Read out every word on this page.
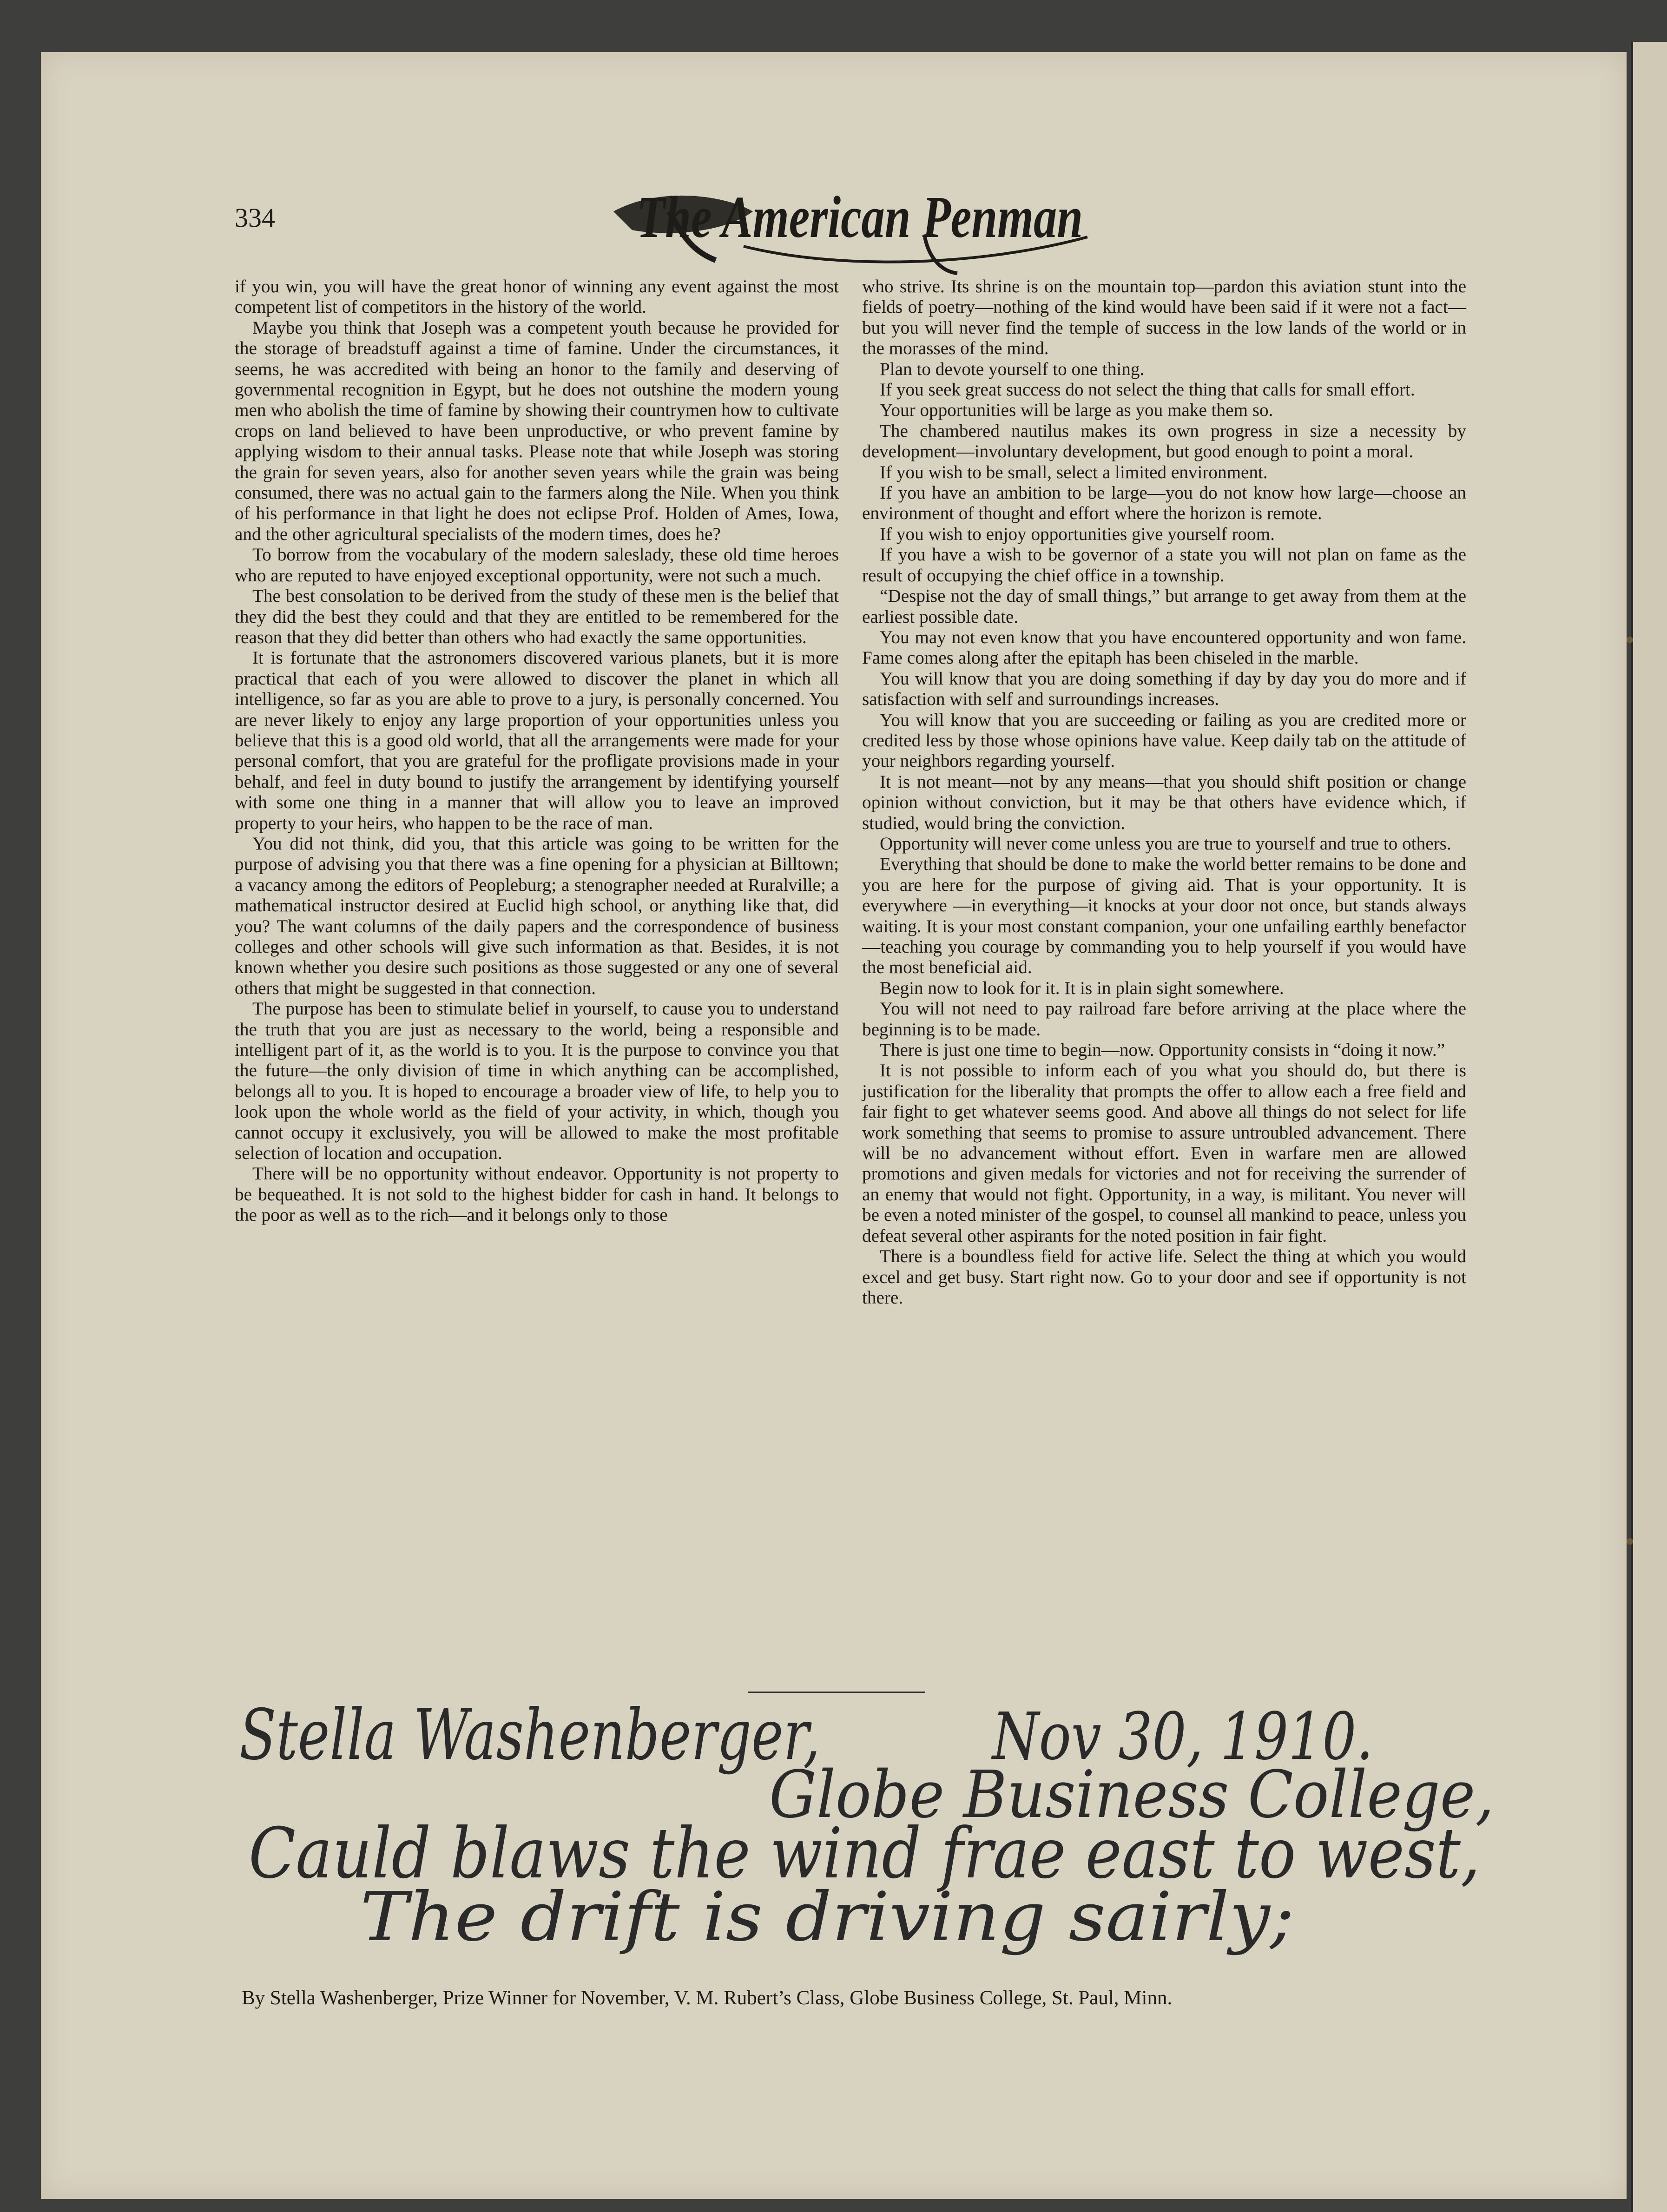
334	The American Penman

if you win, you will have the great honor of winning any event against the most competent list of competitors in the history of the world.

Maybe you think that Joseph was a competent youth because he provided for the storage of breadstuff against a time of famine. Under the circumstances, it seems, he was accredited with being an honor to the family and deserving of governmental recognition in Egypt, but he does not outshine the modern young men who abolish the time of famine by showing their countrymen how to cultivate crops on land believed to have been unproductive, or who prevent famine by applying wisdom to their annual tasks. Please note that while Joseph was storing the grain for seven years, also for another seven years while the grain was being consumed, there was no actual gain to the farmers along the Nile. When you think of his performance in that light he does not eclipse Prof. Holden of Ames, Iowa, and the other agricultural specialists of the modern times, does he?

To borrow from the vocabulary of the modern saleslady, these old time heroes who are reputed to have enjoyed exceptional opportunity, were not such a much.

The best consolation to be derived from the study of these men is the belief that they did the best they could and that they are entitled to be remembered for the reason that they did better than others who had exactly the same opportunities.

It is fortunate that the astronomers discovered various planets, but it is more practical that each of you were allowed to discover the planet in which all intelligence, so far as you are able to prove to a jury, is personally concerned. You are never likely to enjoy any large proportion of your opportunities unless you believe that this is a good old world, that all the arrangements were made for your personal comfort, that you are grateful for the profligate provisions made in your behalf, and feel in duty bound to justify the arrangement by identifying yourself with some one thing in a manner that will allow you to leave an improved property to your heirs, who happen to be the race of man.

You did not think, did you, that this article was going to be written for the purpose of advising you that there was a fine opening for a physician at Billtown; a vacancy among the editors of Peopleburg; a stenographer needed at Ruralville; a mathematical instructor desired at Euclid high school, or anything like that, did you? The want columns of the daily papers and the correspondence of business colleges and other schools will give such information as that. Besides, it is not known whether you desire such positions as those suggested or any one of several others that might be suggested in that connection.

The purpose has been to stimulate belief in yourself, to cause you to understand the truth that you are just as necessary to the world, being a responsible and intelligent part of it, as the world is to you. It is the purpose to convince you that the future—the only division of time in which anything can be accomplished, belongs all to you. It is hoped to encourage a broader view of life, to help you to look upon the whole world as the field of your activity, in which, though you cannot occupy it exclusively, you will be allowed to make the most profitable selection of location and occupation.

There will be no opportunity without endeavor. Opportunity is not property to be bequeathed. It is not sold to the highest bidder for cash in hand. It belongs to the poor as well as to the rich—and it belongs only to those

who strive. Its shrine is on the mountain top—pardon this aviation stunt into the fields of poetry—nothing of the kind would have been said if it were not a fact—but you will never find the temple of success in the low lands of the world or in the morasses of the mind.

Plan to devote yourself to one thing.

If you seek great success do not select the thing that calls for small effort.

Your opportunities will be large as you make them so.

The chambered nautilus makes its own progress in size a necessity by development—involuntary development, but good enough to point a moral.

If you wish to be small, select a limited environment.

If you have an ambition to be large—you do not know how large—choose an environment of thought and effort where the horizon is remote.

If you wish to enjoy opportunities give yourself room.

If you have a wish to be governor of a state you will not plan on fame as the result of occupying the chief office in a township.

“Despise not the day of small things,” but arrange to get away from them at the earliest possible date.

You may not even know that you have encountered opportunity and won fame. Fame comes along after the epitaph has been chiseled in the marble.

You will know that you are doing something if day by day you do more and if satisfaction with self and surroundings increases.

You will know that you are succeeding or failing as you are credited more or credited less by those whose opinions have value. Keep daily tab on the attitude of your neighbors regarding yourself.

It is not meant—not by any means—that you should shift position or change opinion without conviction, but it may be that others have evidence which, if studied, would bring the conviction.

Opportunity will never come unless you are true to yourself and true to others.

Everything that should be done to make the world better remains to be done and you are here for the purpose of giving aid. That is your opportunity. It is everywhere —in everything—it knocks at your door not once, but stands always waiting. It is your most constant companion, your one unfailing earthly benefactor—teaching you courage by commanding you to help yourself if you would have the most beneficial aid.

Begin now to look for it. It is in plain sight somewhere.

You will not need to pay railroad fare before arriving at the place where the beginning is to be made.

There is just one time to begin—now. Opportunity consists in “doing it now.”

It is not possible to inform each of you what you should do, but there is justification for the liberality that prompts the offer to allow each a free field and fair fight to get whatever seems good. And above all things do not select for life work something that seems to promise to assure untroubled advancement. There will be no advancement without effort. Even in warfare men are allowed promotions and given medals for victories and not for receiving the surrender of an enemy that would not fight. Opportunity, in a way, is militant. You never will be even a noted minister of the gospel, to counsel all mankind to peace, unless you defeat several other aspirants for the noted position in fair fight.

There is a boundless field for active life. Select the thing at which you would excel and get busy. Start right now. Go to your door and see if opportunity is not there.

Stella Washenberger,	Nov 30, 1910.
Globe Business College,
Cauld blaws the wind frae east to west,
The drift is driving sairly;
By Stella Washenberger, Prize Winner for November, V. M. Rubert’s Class, Globe Business College, St. Paul, Minn.
